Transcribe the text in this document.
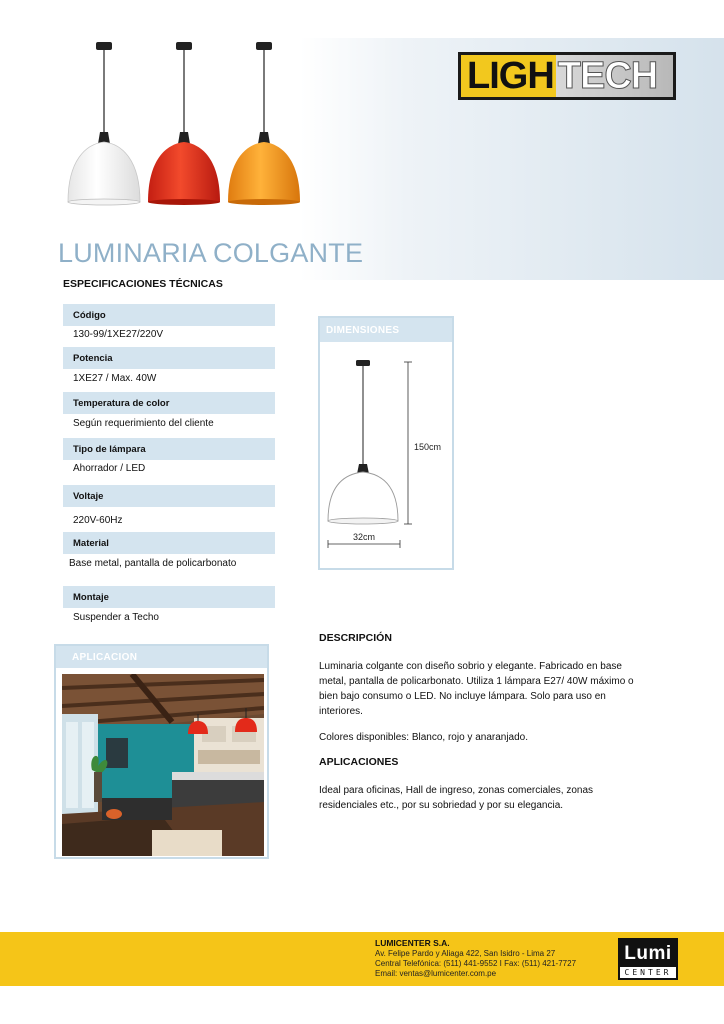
LIGH TECH
LUMINARIA COLGANTE
ESPECIFICACIONES TÉCNICAS
Código
130-99/1XE27/220V
Potencia
1XE27 / Max. 40W
Temperatura de color
Según requerimiento del cliente
Tipo de lámpara
Ahorrador / LED
Voltaje
220V-60Hz
Material
Base metal, pantalla de policarbonato
Montaje
Suspender a Techo
DIMENSIONES
150cm
32cm
APLICACION
DESCRIPCIÓN
Luminaria colgante con diseño sobrio y elegante. Fabricado en base
metal, pantalla de policarbonato. Utiliza 1 lámpara E27/ 40W máximo o
bien bajo consumo o LED. No incluye lámpara. Solo para uso en
interiores.
Colores disponibles: Blanco, rojo y anaranjado.
APLICACIONES
Ideal para oficinas, Hall de ingreso, zonas comerciales, zonas
residenciales etc., por su sobriedad y por su elegancia.
LUMICENTER S.A.
Av. Felipe Pardo y Aliaga 422, San Isidro - Lima 27
Central Telefónica: (511) 441-9552 I Fax: (511) 421-7727
Email: ventas@lumicenter.com.pe
Lumi
CENTER
